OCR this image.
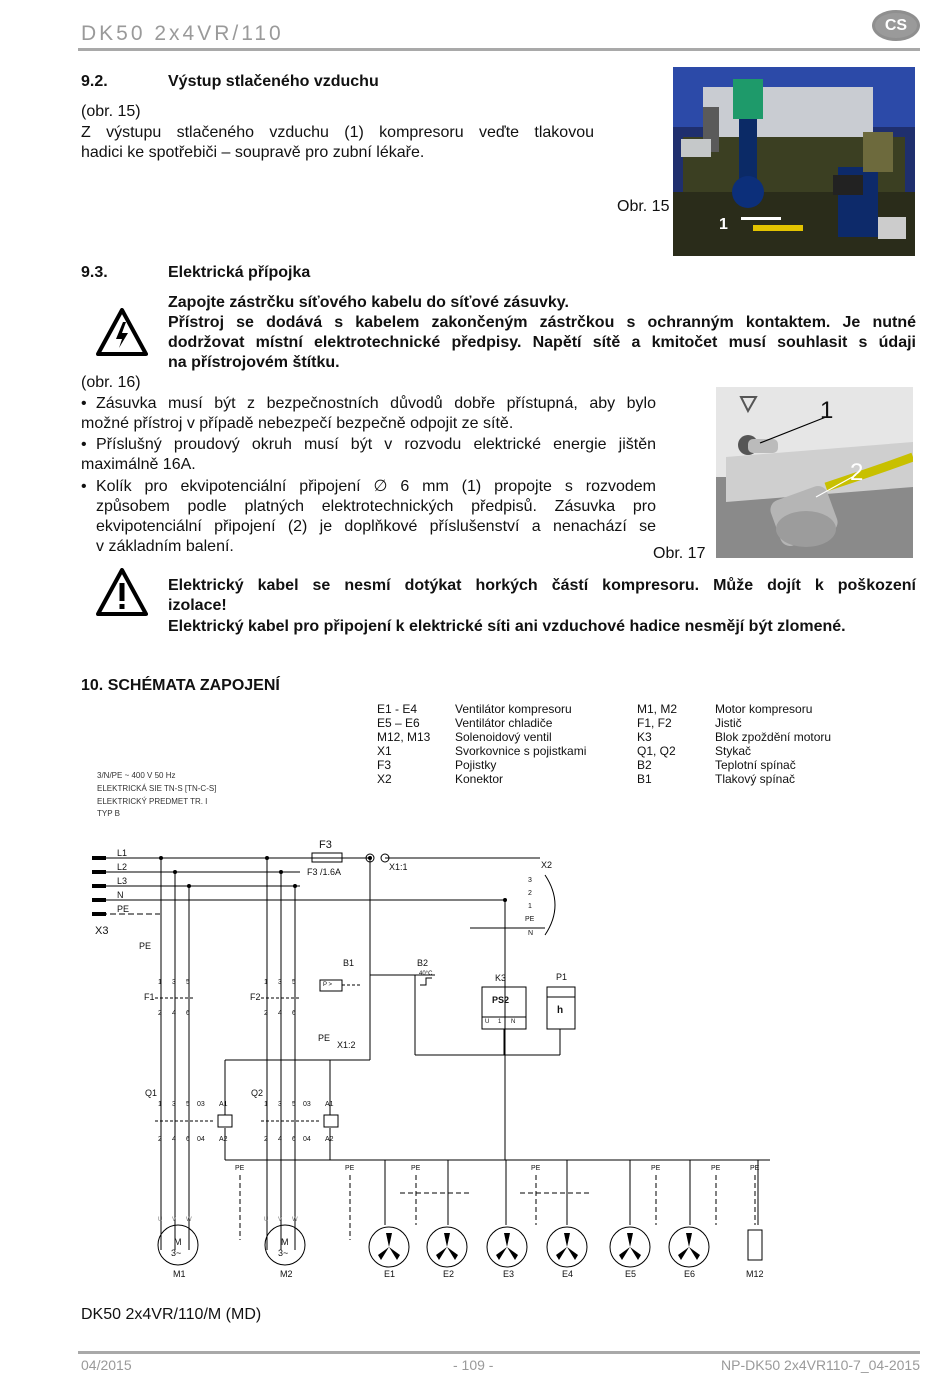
DK50 2x4VR/110	CS
9.2.	Výstup stlačeného vzduchu
(obr. 15)
Z výstupu stlačeného vzduchu (1) kompresoru veďte tlakovou
hadici ke spotřebiči – soupravě pro zubní lékaře.
Obr. 15
1
9.3.	Elektrická přípojka
Zapojte zástrčku síťového kabelu do síťové zásuvky.
Přístroj se dodává s kabelem zakončeným zástrčkou s ochranným kontaktem. Je nutné
dodržovat místní elektrotechnické předpisy. Napětí sítě a kmitočet musí souhlasit s údaji
na přístrojovém štítku.
(obr. 16)
• Zásuvka musí být z bezpečnostních důvodů dobře přístupná, aby bylo
možné přístroj v případě nebezpečí bezpečně odpojit ze sítě.
• Příslušný proudový okruh musí být v rozvodu elektrické energie jištěn
maximálně 16A.
• Kolík pro ekvipotenciální připojení ∅ 6 mm (1) propojte s rozvodem
způsobem podle platných elektrotechnických předpisů. Zásuvka pro
ekvipotenciální připojení (2) je doplňkové příslušenství a nenachází se
v základním balení.	Obr. 17
1
2
Elektrický kabel se nesmí dotýkat horkých částí kompresoru. Může dojít k poškození
izolace!
Elektrický kabel pro připojení k elektrické síti ani vzduchové hadice nesmějí být zlomené.
10. SCHÉMATA ZAPOJENÍ
E1 - E4	Ventilátor kompresoru	M1, M2	Motor kompresoru
E5 – E6	Ventilátor chladiče	F1, F2	Jistič
M12, M13	Solenoidový ventil	K3	Blok zpoždění motoru
X1	Svorkovnice s pojistkami	Q1, Q2	Stykač
F3	Pojistky	B2	Teplotní spínač
X2	Konektor	B1	Tlakový spínač
3/N/PE ~ 400 V 50 Hz
ELEKTRICKÁ SIE TN-S [TN-C-S]
ELEKTRICKÝ PREDMET TR. I
TYP B
L1
L2
L3
N
PE
X3
PE
F3
F3 /1.6A	X1:1	X2
3
2
1
PE
N
F1	F2
Q1	Q2
B1	B2
40°C
P >
PE
X1:2
K3
PS2
U 1 N
P1
h
1 3 5
2 4 6
1 3 5
2 4 6
1 3 5 03 A1
2 4 6 04 A2
1 3 5 03 A1
2 4 6 04 A2
PE	PE	PE	PE	PE	PE	PE
U V W	U V W
M
3~
M
3~
M1	M2	E1	E2	E3	E4	E5	E6	M12
DK50 2x4VR/110/M (MD)
04/2015	- 109 -	NP-DK50 2x4VR110-7_04-2015
